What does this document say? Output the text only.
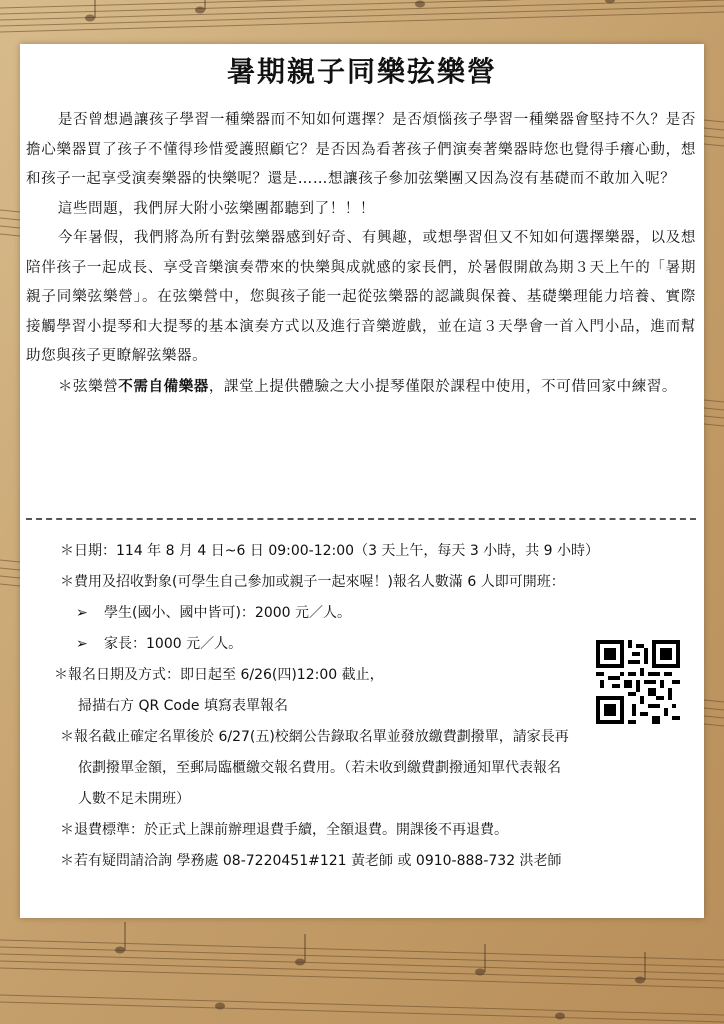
暑期親子同樂弦樂營

是否曾想過讓孩子學習一種樂器而不知如何選擇？是否煩惱孩子學習一種樂器會堅持不久？是否擔心樂器買了孩子不懂得珍惜愛護照顧它？是否因為看著孩子們演奏著樂器時您也覺得手癢心動，想和孩子一起享受演奏樂器的快樂呢？還是……想讓孩子參加弦樂團又因為沒有基礎而不敢加入呢？

這些問題，我們屏大附小弦樂團都聽到了！！！

今年暑假，我們將為所有對弦樂器感到好奇、有興趣，或想學習但又不知如何選擇樂器，以及想陪伴孩子一起成長、享受音樂演奏帶來的快樂與成就感的家長們，於暑假開啟為期３天上午的「暑期親子同樂弦樂營」。在弦樂營中，您與孩子能一起從弦樂器的認識與保養、基礎樂理能力培養、實際接觸學習小提琴和大提琴的基本演奏方式以及進行音樂遊戲，並在這３天學會一首入門小品，進而幫助您與孩子更瞭解弦樂器。

＊弦樂營不需自備樂器，課堂上提供體驗之大小提琴僅限於課程中使用，不可借回家中練習。

＊日期：114 年 8 月 4 日~6 日 09:00-12:00（3 天上午，每天 3 小時，共 9 小時）
＊費用及招收對象(可學生自己參加或親子一起來喔！)報名人數滿 6 人即可開班：
➢ 學生(國小、國中皆可)：2000 元／人。
➢ 家長：1000 元／人。
＊報名日期及方式：即日起至 6/26(四)12:00 截止，
掃描右方 QR Code 填寫表單報名
＊報名截止確定名單後於 6/27(五)校網公告錄取名單並發放繳費劃撥單，請家長再
依劃撥單金額，至郵局臨櫃繳交報名費用。（若未收到繳費劃撥通知單代表報名
人數不足未開班）
＊退費標準：於正式上課前辦理退費手續，全額退費。開課後不再退費。
＊若有疑問請洽詢 學務處 08-7220451#121 黃老師 或 0910-888-732 洪老師
